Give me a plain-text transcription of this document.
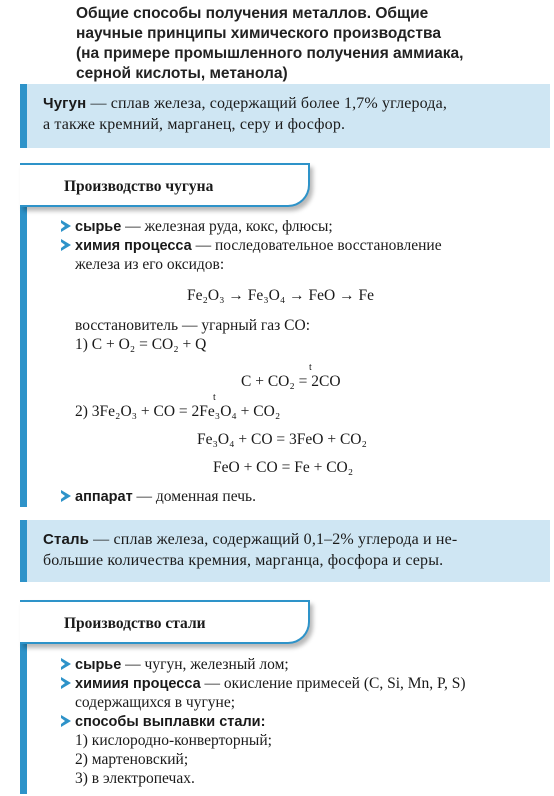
Общие способы получения металлов. Общие
научные принципы химического производства
(на примере промышленного получения аммиака,
серной кислоты, метанола)
Чугун — сплав железа, содержащий более 1,7% углерода,
а также кремний, марганец, серу и фосфор.
Производство чугуна
сырье — железная руда, кокс, флюсы;
химия процесса — последовательное восстановление
железа из его оксидов:
Fe₂O₃ → Fe₃O₄ → FeO → Fe
восстановитель — угарный газ CO:
1) C + O₂ = CO₂ + Q
t
C + CO₂ = 2CO
t
2) 3Fe₂O₃ + CO = 2Fe₃O₄ + CO₂
Fe₃O₄ + CO = 3FeO + CO₂
FeO + CO = Fe + CO₂
аппарат — доменная печь.
Сталь — сплав железа, содержащий 0,1–2% углерода и не-
большие количества кремния, марганца, фосфора и серы.
Производство стали
сырье — чугун, железный лом;
химиия процесса — окисление примесей (C, Si, Mn, P, S)
содержащихся в чугуне;
способы выплавки стали:
1) кислородно-конверторный;
2) мартеновский;
3) в электропечах.
